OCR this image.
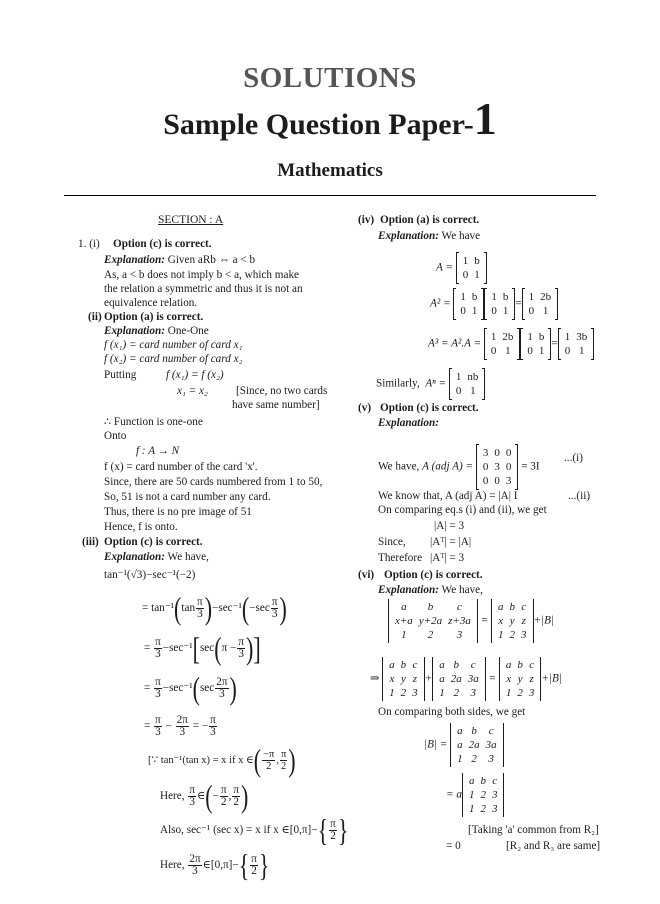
SOLUTIONS
Sample Question Paper-1
Mathematics
SECTION : A
1. (i) Option (c) is correct.
Explanation: Given aRb ⇔ a < b
As, a < b does not imply b < a, which make
the relation a symmetric and thus it is not an
equivalence relation.
(ii) Option (a) is correct.
Explanation: One-One
f (x₁) = card number of card x₁
f (x₂) = card number of card x₂
Putting	f (x₁) = f (x₂)
x₁ = x₂	[Since, no two cards
have same number]
∴ Function is one-one
Onto
f : A → N
f (x) = card number of the card 'x'.
Since, there are 50 cards numbered from 1 to 50,
So, 51 is not a card number any card.
Thus, there is no pre image of 51
Hence, f is onto.
(iii) Option (c) is correct.
Explanation: We have,
tan⁻¹(√3)−sec⁻¹(−2)
= $\tan^{-1}(\tan \frac{\pi}{3} )-\sec^{-1}(-\sec \frac{\pi}{3}$ )
= $\frac{\pi}{3} -\sec^{-1}[\sec(\pi - \frac{\pi}{3}$ )]
= $\frac{\pi}{3} -\sec^{-1}(\sec \frac{2\pi}{3}$ )
= $\frac{\pi}{3} - \frac{2\pi}{3}$ = − $\frac{\pi}{3}$
[∵ tan⁻¹(tan x) = x if x ∈( $\frac{-\pi}{2}$ , $\frac{\pi}{2}$ )
Here, $\frac{\pi}{3}$ ∈(− $\frac{\pi}{2}$ , $\frac{\pi}{2}$ )
Also, sec⁻¹ (sec x) = x if x ∈[0,π]−{ $\frac{\pi}{2}$ }
Here, $\frac{2\pi}{3}$ ∈[0,π]−{ $\frac{\pi}{2}$ }
(iv) Option (a) is correct.
Explanation: We have
A =
1	b
0	1
A² =
1	b
0	1
1	b
0	1
=
1	2b
0	1
A³ = A².A =
1	2b
0	1
1	b
0	1
=
1	3b
0	1
Similarly, Aⁿ =
1	nb
0	1
(v) Option (c) is correct.
Explanation:
We have, A (adj A) =
3	0	0
0	3	0
0	0	3
= 3I
...(i)
We know that, A (adj A) = |A| I	...(ii)
On comparing eq.s (i) and (ii), we get
|A| = 3
Since, |Aᵀ| = |A|
Therefore |Aᵀ| = 3
(vi) Option (c) is correct.
Explanation: We have,
a	b	c
x+a	y+2a	z+3a
1	2	3
=
a	b	c
x	y	z
1	2	3
+|B|
⇒
a	b	c
x	y	z
1	2	3
+
a	b	c
a	2a	3a
1	2	3
=
a	b	c
x	y	z
1	2	3
+|B|
On comparing both sides, we get
|B| =
a	b	c
a	2a	3a
1	2	3
= a
a	b	c
1	2	3
1	2	3
[Taking 'a' common from R₂]
= 0	[R₂ and R₃ are same]
